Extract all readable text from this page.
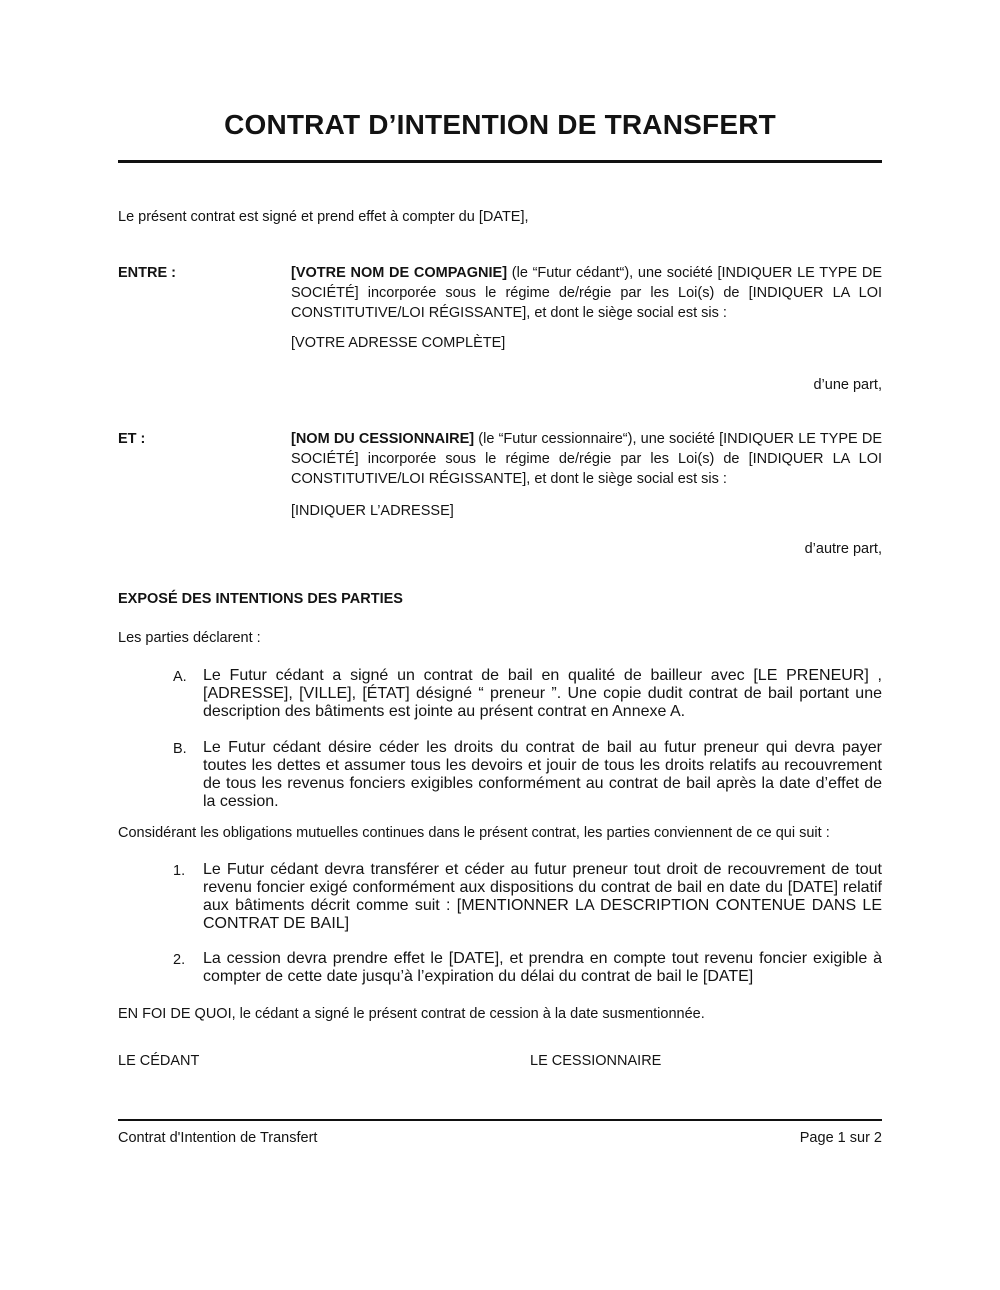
CONTRAT D’INTENTION DE TRANSFERT

Le présent contrat est signé et prend effet à compter du [DATE],

ENTRE :	[VOTRE NOM DE COMPAGNIE] (le “Futur cédant“), une société [INDIQUER LE TYPE DE SOCIÉTÉ] incorporée sous le régime de/régie par les Loi(s) de [INDIQUER LA LOI CONSTITUTIVE/LOI RÉGISSANTE], et dont le siège social est sis :

[VOTRE ADRESSE COMPLÈTE]

d’une part,

ET :	[NOM DU CESSIONNAIRE] (le “Futur cessionnaire“), une société [INDIQUER LE TYPE DE SOCIÉTÉ] incorporée sous le régime de/régie par les Loi(s) de [INDIQUER LA LOI CONSTITUTIVE/LOI RÉGISSANTE], et dont le siège social est sis :

[INDIQUER L’ADRESSE]

d’autre part,

EXPOSÉ DES INTENTIONS DES PARTIES

Les parties déclarent :

A.	Le Futur cédant a signé un contrat de bail en qualité de bailleur avec [LE PRENEUR] , [ADRESSE], [VILLE], [ÉTAT] désigné “ preneur ”. Une copie dudit contrat de bail portant une description des bâtiments est jointe au présent contrat en Annexe A.
B.	Le Futur cédant désire céder les droits du contrat de bail au futur preneur qui devra payer toutes les dettes et assumer tous les devoirs et jouir de tous les droits relatifs au recouvrement de tous les revenus fonciers exigibles conformément au contrat de bail après la date d’effet de la cession.

Considérant les obligations mutuelles continues dans le présent contrat, les parties conviennent de ce qui suit :

1.	Le Futur cédant devra transférer et céder au futur preneur tout droit de recouvrement de tout revenu foncier exigé conformément aux dispositions du contrat de bail en date du [DATE] relatif aux bâtiments décrit comme suit : [MENTIONNER LA DESCRIPTION CONTENUE DANS LE CONTRAT DE BAIL]
2.	La cession devra prendre effet le [DATE], et prendra en compte tout revenu foncier exigible à compter de cette date jusqu’à l’expiration du délai du contrat de bail le [DATE]

EN FOI DE QUOI, le cédant a signé le présent contrat de cession à la date susmentionnée.

LE CÉDANT	LE CESSIONNAIRE
Contrat d'Intention de Transfert	Page 1 sur 2
